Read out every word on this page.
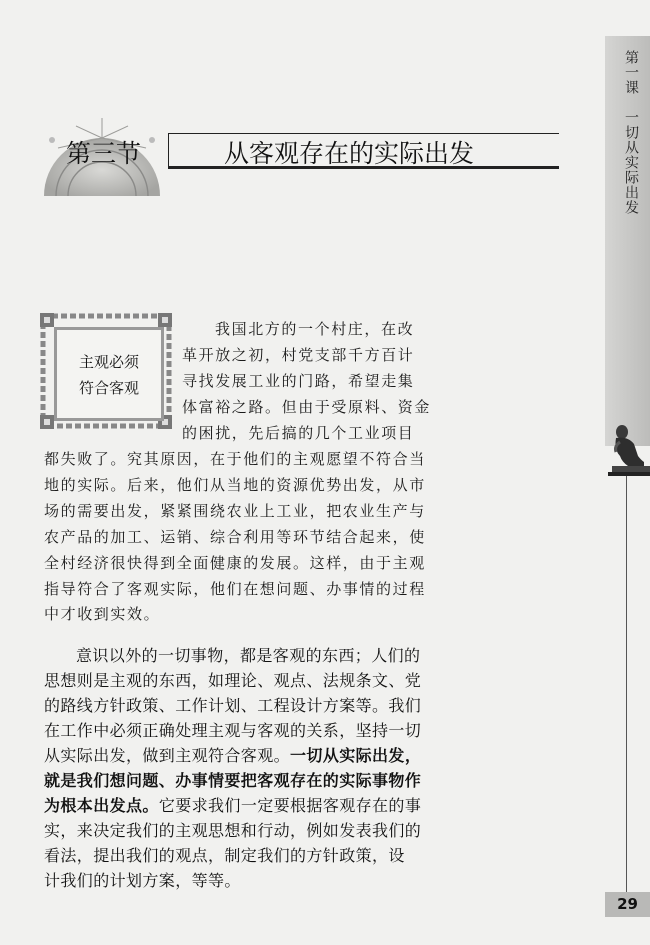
第一课 一切从实际出发
第三节	从客观存在的实际出发
主观必须
符合客观
我国北方的一个村庄，在改
革开放之初，村党支部千方百计
寻找发展工业的门路，希望走集
体富裕之路。但由于受原料、资金
的困扰，先后搞的几个工业项目
都失败了。究其原因，在于他们的主观愿望不符合当
地的实际。后来，他们从当地的资源优势出发，从市
场的需要出发，紧紧围绕农业上工业，把农业生产与
农产品的加工、运销、综合利用等环节结合起来，使
全村经济很快得到全面健康的发展。这样，由于主观
指导符合了客观实际，他们在想问题、办事情的过程
中才收到实效。
意识以外的一切事物，都是客观的东西；人们的
思想则是主观的东西，如理论、观点、法规条文、党
的路线方针政策、工作计划、工程设计方案等。我们
在工作中必须正确处理主观与客观的关系，坚持一切
从实际出发，做到主观符合客观。一切从实际出发，
就是我们想问题、办事情要把客观存在的实际事物作
为根本出发点。它要求我们一定要根据客观存在的事
实，来决定我们的主观思想和行动，例如发表我们的
看法，提出我们的观点，制定我们的方针政策，设
计我们的计划方案，等等。
29
